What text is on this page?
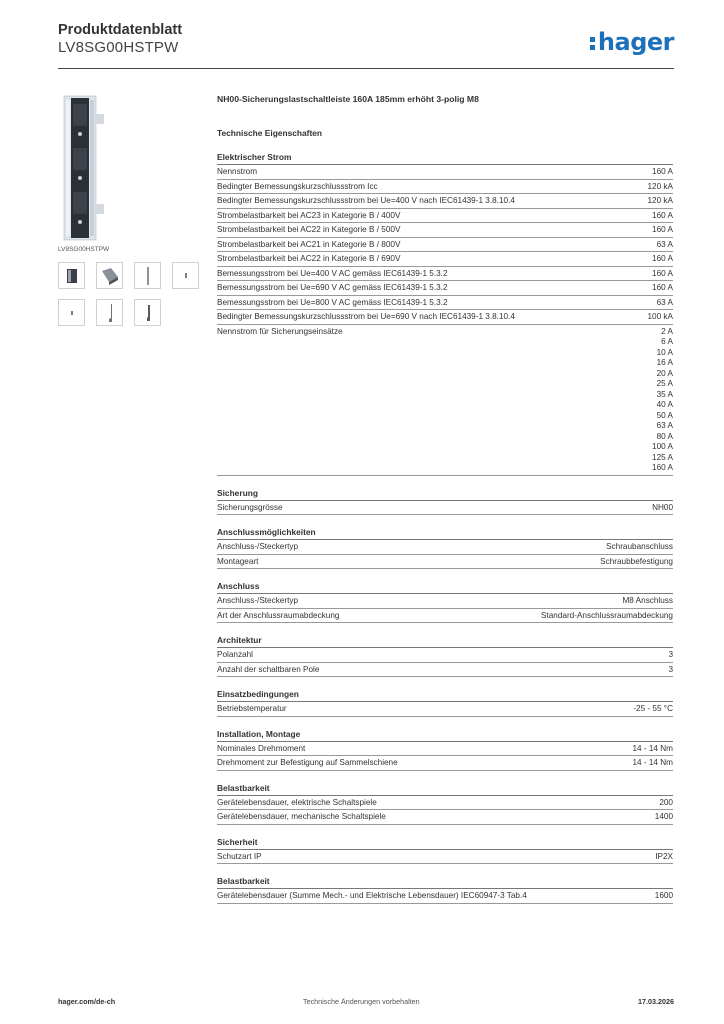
Produktdatenblatt
LV8SG00HSTPW	hager
LV8SG00HSTPW
NH00-Sicherungslastschaltleiste 160A 185mm erhöht 3-polig M8
Technische Eigenschaften
Elektrischer Strom
Nennstrom	160 A
Bedingter Bemessungskurzschlussstrom Icc	120 kA
Bedingter Bemessungskurzschlussstrom bei Ue=400 V nach IEC61439-1 3.8.10.4	120 kA
Strombelastbarkeit bei AC23 in Kategorie B / 400V	160 A
Strombelastbarkeit bei AC22 in Kategorie B / 500V	160 A
Strombelastbarkeit bei AC21 in Kategorie B / 800V	63 A
Strombelastbarkeit bei AC22 in Kategorie B / 690V	160 A
Bemessungsstrom bei Ue=400 V AC gemäss IEC61439-1 5.3.2	160 A
Bemessungsstrom bei Ue=690 V AC gemäss IEC61439-1 5.3.2	160 A
Bemessungsstrom bei Ue=800 V AC gemäss IEC61439-1 5.3.2	63 A
Bedingter Bemessungskurzschlussstrom bei Ue=690 V nach IEC61439-1 3.8.10.4	100 kA
Nennstrom für Sicherungseinsätze	2 A
6 A
10 A
16 A
20 A
25 A
35 A
40 A
50 A
63 A
80 A
100 A
125 A
160 A
Sicherung
Sicherungsgrösse	NH00
Anschlussmöglichkeiten
Anschluss-/Steckertyp	Schraubanschluss
Montageart	Schraubbefestigung
Anschluss
Anschluss-/Steckertyp	M8 Anschluss
Art der Anschlussraumabdeckung	Standard-Anschlussraumabdeckung
Architektur
Polanzahl	3
Anzahl der schaltbaren Pole	3
Einsatzbedingungen
Betriebstemperatur	-25 - 55 °C
Installation, Montage
Nominales Drehmoment	14 - 14 Nm
Drehmoment zur Befestigung auf Sammelschiene	14 - 14 Nm
Belastbarkeit
Gerätelebensdauer, elektrische Schaltspiele	200
Gerätelebensdauer, mechanische Schaltspiele	1400
Sicherheit
Schutzart IP	IP2X
Belastbarkeit
Gerätelebensdauer (Summe Mech.- und Elektrische Lebensdauer) IEC60947-3 Tab.4	1600
hager.com/de-ch	Technische Änderungen vorbehalten	17.03.2026
